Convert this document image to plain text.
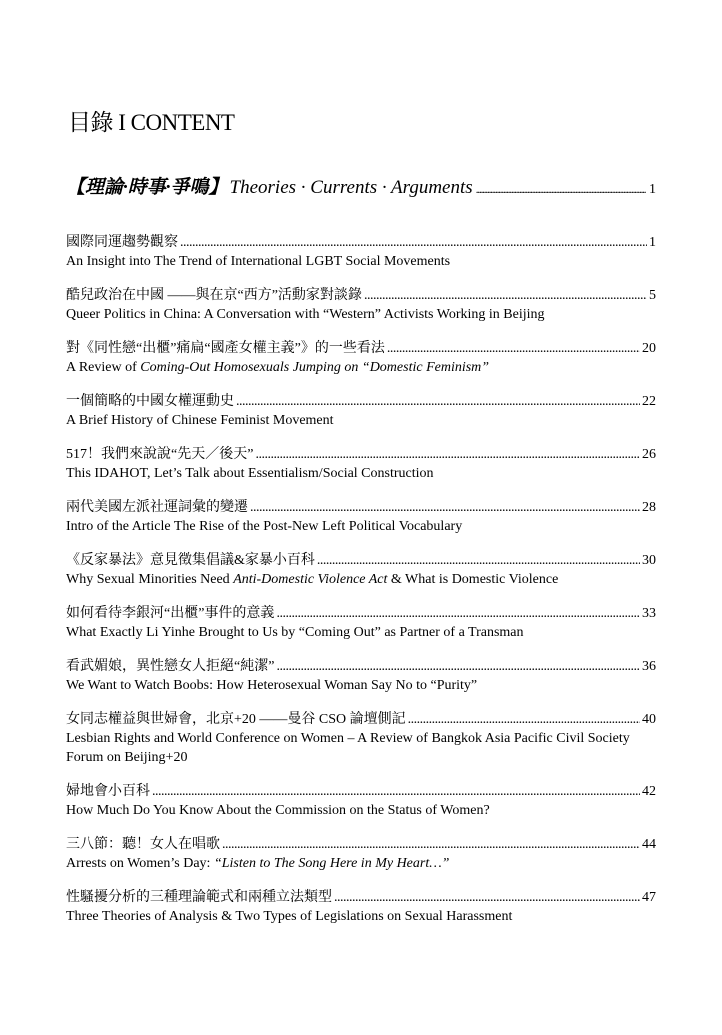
目錄 I CONTENT
【理論·時事·爭鳴】 Theories · Currents · Arguments . . .	1
國際同運趨勢觀察 . . .	1
An Insight into The Trend of International LGBT Social Movements
酷兒政治在中國 ——與在京“西方”活動家對談錄 . . .	5
Queer Politics in China: A Conversation with “Western” Activists Working in Beijing
對《同性戀“出櫃”痛扁“國產女權主義”》的一些看法 . . .	20
A Review of Coming-Out Homosexuals Jumping on “Domestic Feminism”
一個簡略的中國女權運動史 . . .	22
A Brief History of Chinese Feminist Movement
517！我們來說說“先天／後天” . . .	26
This IDAHOT, Let’s Talk about Essentialism/Social Construction
兩代美國左派社運詞彙的變遷 . . .	28
Intro of the Article The Rise of the Post-New Left Political Vocabulary
《反家暴法》意見徵集倡議&家暴小百科 . . .	30
Why Sexual Minorities Need Anti-Domestic Violence Act & What is Domestic Violence
如何看待李銀河“出櫃”事件的意義 . . .	33
What Exactly Li Yinhe Brought to Us by “Coming Out” as Partner of a Transman
看武媚娘，異性戀女人拒絕“純潔” . . .	36
We Want to Watch Boobs: How Heterosexual Woman Say No to “Purity”
女同志權益與世婦會，北京+20 ——曼谷 CSO 論壇側記 . . .	40
Lesbian Rights and World Conference on Women – A Review of Bangkok Asia Pacific Civil Society Forum on Beijing+20
婦地會小百科 . . .	42
How Much Do You Know About the Commission on the Status of Women?
三八節：聽！女人在唱歌 . . .	44
Arrests on Women’s Day: “Listen to The Song Here in My Heart…”
性騷擾分析的三種理論範式和兩種立法類型 . . .	47
Three Theories of Analysis & Two Types of Legislations on Sexual Harassment
